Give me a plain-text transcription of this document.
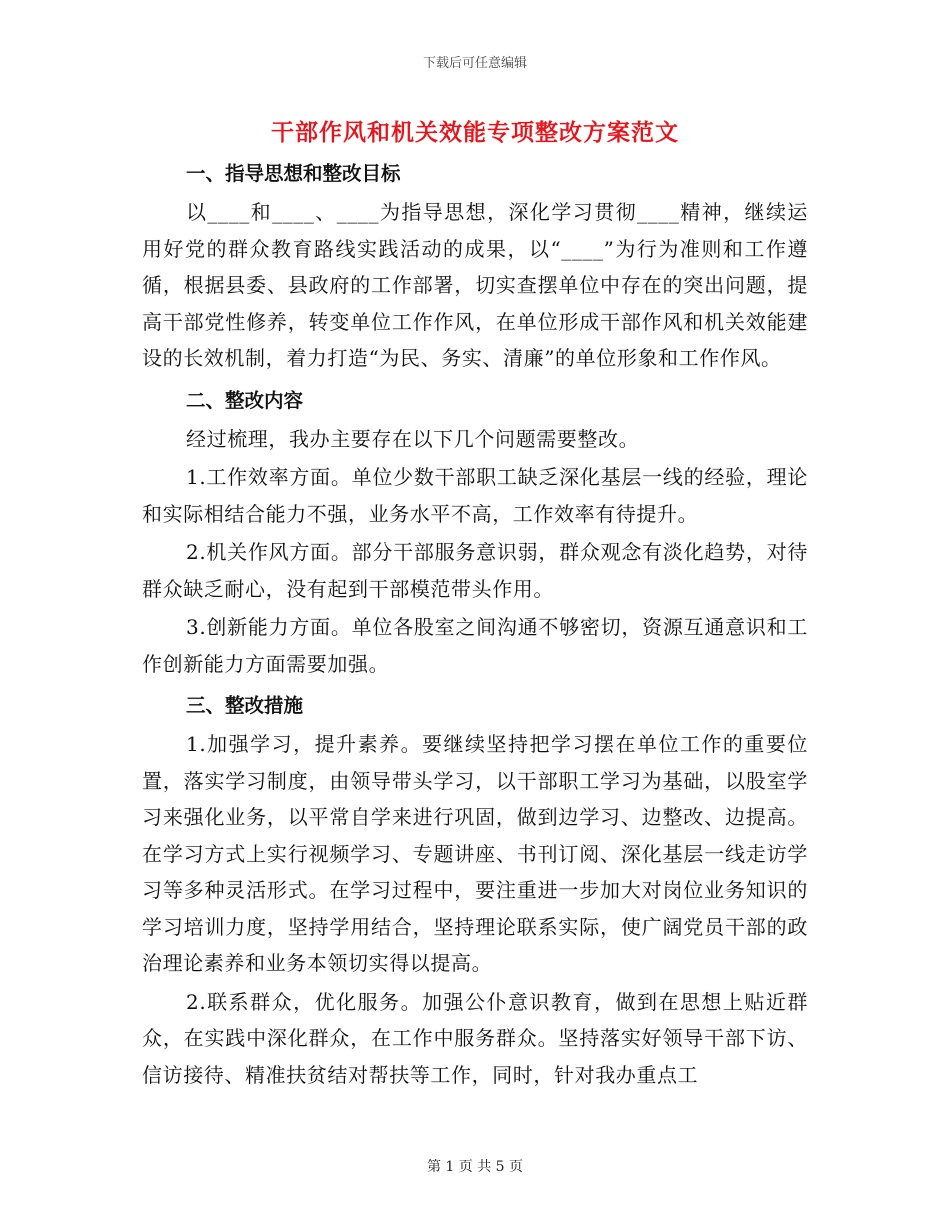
下载后可任意编辑
干部作风和机关效能专项整改方案范文
一、指导思想和整改目标

以____和____、____为指导思想，深化学习贯彻____精神，继续运用好党的群众教育路线实践活动的成果，以“____”为行为准则和工作遵循，根据县委、县政府的工作部署，切实查摆单位中存在的突出问题，提高干部党性修养，转变单位工作作风，在单位形成干部作风和机关效能建设的长效机制，着力打造“为民、务实、清廉”的单位形象和工作作风。

二、整改内容

经过梳理，我办主要存在以下几个问题需要整改。

1.工作效率方面。单位少数干部职工缺乏深化基层一线的经验，理论和实际相结合能力不强，业务水平不高，工作效率有待提升。

2.机关作风方面。部分干部服务意识弱，群众观念有淡化趋势，对待群众缺乏耐心，没有起到干部模范带头作用。

3.创新能力方面。单位各股室之间沟通不够密切，资源互通意识和工作创新能力方面需要加强。

三、整改措施

1.加强学习，提升素养。要继续坚持把学习摆在单位工作的重要位置，落实学习制度，由领导带头学习，以干部职工学习为基础，以股室学习来强化业务，以平常自学来进行巩固，做到边学习、边整改、边提高。在学习方式上实行视频学习、专题讲座、书刊订阅、深化基层一线走访学习等多种灵活形式。在学习过程中，要注重进一步加大对岗位业务知识的学习培训力度，坚持学用结合，坚持理论联系实际，使广阔党员干部的政治理论素养和业务本领切实得以提高。

2.联系群众，优化服务。加强公仆意识教育，做到在思想上贴近群众，在实践中深化群众，在工作中服务群众。坚持落实好领导干部下访、信访接待、精准扶贫结对帮扶等工作，同时，针对我办重点工

第 1 页 共 5 页
